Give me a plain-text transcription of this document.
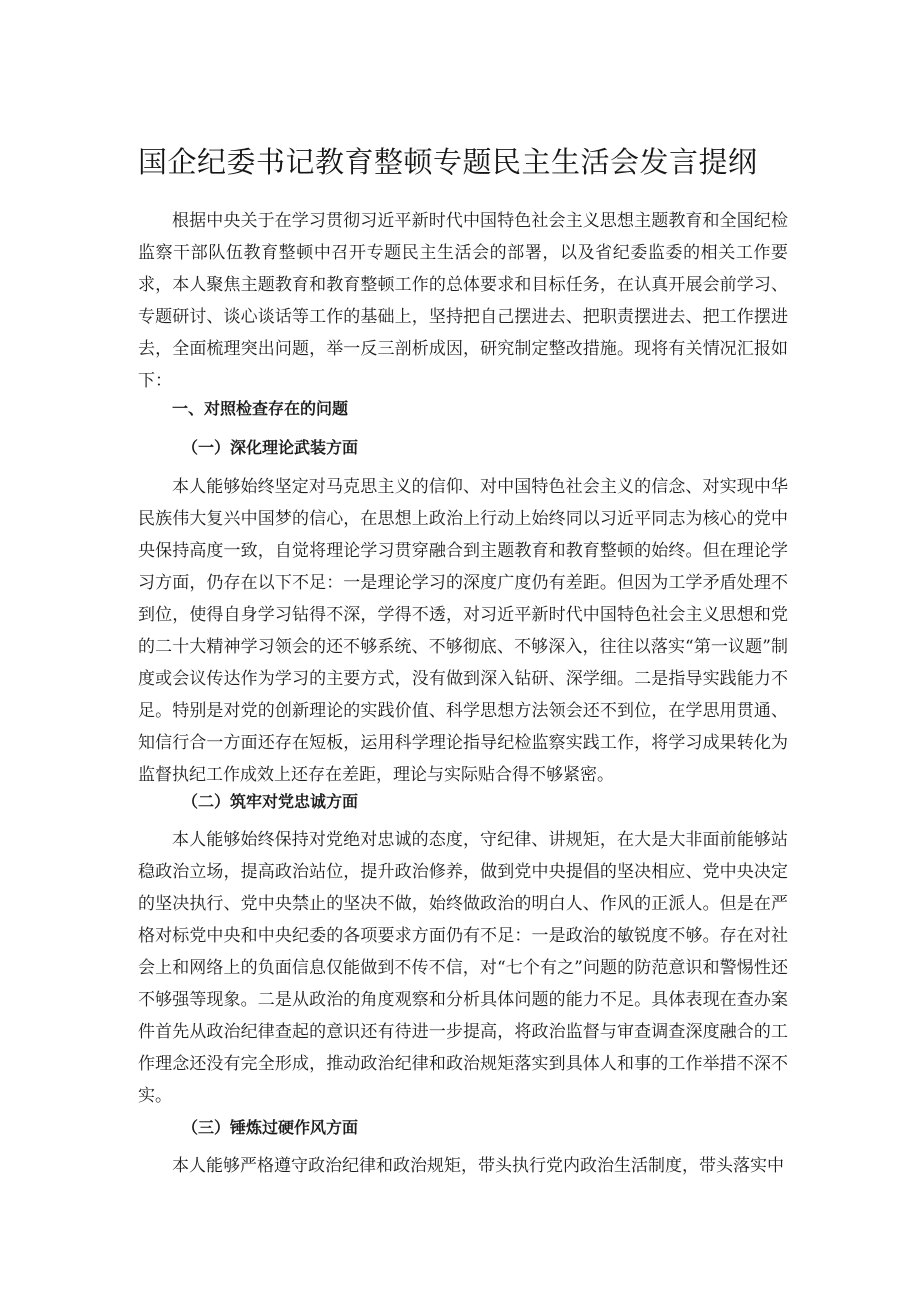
国企纪委书记教育整顿专题民主生活会发言提纲

根据中央关于在学习贯彻习近平新时代中国特色社会主义思想主题教育和全国纪检监察干部队伍教育整顿中召开专题民主生活会的部署，以及省纪委监委的相关工作要求，本人聚焦主题教育和教育整顿工作的总体要求和目标任务，在认真开展会前学习、专题研讨、谈心谈话等工作的基础上，坚持把自己摆进去、把职责摆进去、把工作摆进去，全面梳理突出问题，举一反三剖析成因，研究制定整改措施。现将有关情况汇报如下：

一、对照检查存在的问题
（一）深化理论武装方面

本人能够始终坚定对马克思主义的信仰、对中国特色社会主义的信念、对实现中华民族伟大复兴中国梦的信心，在思想上政治上行动上始终同以习近平同志为核心的党中央保持高度一致，自觉将理论学习贯穿融合到主题教育和教育整顿的始终。但在理论学习方面，仍存在以下不足：一是理论学习的深度广度仍有差距。但因为工学矛盾处理不到位，使得自身学习钻得不深，学得不透，对习近平新时代中国特色社会主义思想和党的二十大精神学习领会的还不够系统、不够彻底、不够深入，往往以落实“第一议题”制度或会议传达作为学习的主要方式，没有做到深入钻研、深学细。二是指导实践能力不足。特别是对党的创新理论的实践价值、科学思想方法领会还不到位，在学思用贯通、知信行合一方面还存在短板，运用科学理论指导纪检监察实践工作，将学习成果转化为监督执纪工作成效上还存在差距，理论与实际贴合得不够紧密。

（二）筑牢对党忠诚方面

本人能够始终保持对党绝对忠诚的态度，守纪律、讲规矩，在大是大非面前能够站稳政治立场，提高政治站位，提升政治修养，做到党中央提倡的坚决相应、党中央决定的坚决执行、党中央禁止的坚决不做，始终做政治的明白人、作风的正派人。但是在严格对标党中央和中央纪委的各项要求方面仍有不足：一是政治的敏锐度不够。存在对社会上和网络上的负面信息仅能做到不传不信，对“七个有之”问题的防范意识和警惕性还不够强等现象。二是从政治的角度观察和分析具体问题的能力不足。具体表现在查办案件首先从政治纪律查起的意识还有待进一步提高，将政治监督与审查调查深度融合的工作理念还没有完全形成，推动政治纪律和政治规矩落实到具体人和事的工作举措不深不实。

（三）锤炼过硬作风方面

本人能够严格遵守政治纪律和政治规矩，带头执行党内政治生活制度，带头落实中
